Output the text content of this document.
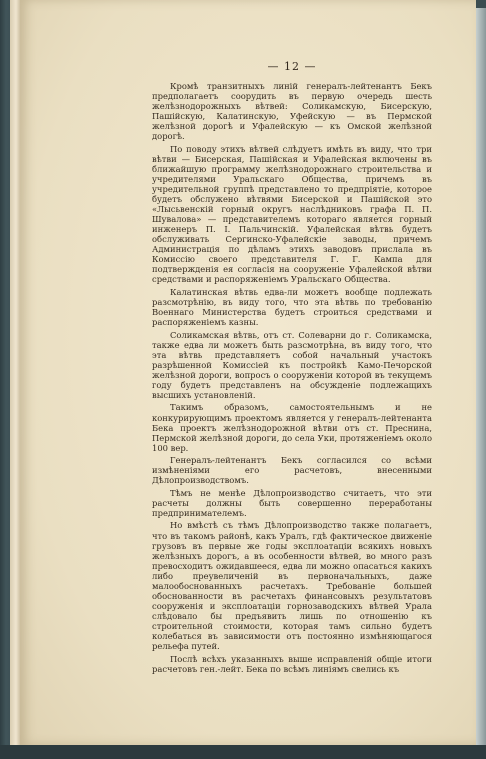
— 12 —

Кромѣ транзитныхъ линій генералъ-лейтенантъ Бекъ предполагаетъ соорудить въ первую очередь шесть желѣзнодорожныхъ вѣтвей: Соликамскую, Бисерскую, Пашійскую, Калатинскую, Уфейскую — въ Пермской желѣзной дорогѣ и Уфалейскую — къ Омской желѣзной дорогѣ.

По поводу этихъ вѣтвей слѣдуетъ имѣть въ виду, что три вѣтви — Бисерская, Пашійская и Уфалейская включены въ ближайшую программу желѣзнодорожнаго строительства и учредителями Уральскаго Общества, причемъ въ учредительной группѣ представлено то предпріятіе, которое будетъ обслужено вѣтвями Бисерской и Пашійской это «Лысьвенскій горный округъ наслѣдниковъ графа П. П. Шувалова» — представителемъ котораго является горный инженеръ П. І. Пальчинскій. Уфалейская вѣтвь будетъ обслуживать Сергинско-Уфалейскіе заводы, причемъ Администрація по дѣламъ этихъ заводовъ прислала въ Комиссію своего представителя Г. Г. Кампа для подтвержденія ея согласія на сооруженіе Уфалейской вѣтви средствами и распоряженіемъ Уральскаго Общества.

Калатинская вѣтвь едва-ли можетъ вообще подлежать разсмотрѣнію, въ виду того, что эта вѣтвь по требованію Военнаго Министерства будетъ строиться средствами и распоряженіемъ казны.

Соликамская вѣтвь, отъ ст. Солеварни до г. Соликамска, также едва ли можетъ быть разсмотрѣна, въ виду того, что эта вѣтвь представляетъ собой начальный участокъ разрѣшенной Комиссіей къ постройкѣ Камо-Печорской желѣзной дороги, вопросъ о сооруженіи которой въ текущемъ году будетъ представленъ на обсужденіе подлежащихъ высшихъ установленій.

Такимъ образомъ, самостоятельнымъ и не конкурирующимъ проектомъ является у генералъ-лейтенанта Бека проектъ желѣзнодорожной вѣтви отъ ст. Преснина, Пермской желѣзной дороги, до села Уки, протяженіемъ около 100 вер.

Генералъ-лейтенантъ Бекъ согласился со всѣми измѣненіями его расчетовъ, внесенными Дѣлопроизводствомъ.

Тѣмъ не менѣе Дѣлопроизводство считаетъ, что эти расчеты должны быть совершенно переработаны предпринимателемъ.

Но вмѣстѣ съ тѣмъ Дѣлопроизводство также полагаетъ, что въ такомъ районѣ, какъ Уралъ, гдѣ фактическое движеніе грузовъ въ первые же годы эксплоатаціи всякихъ новыхъ желѣзныхъ дорогъ, а въ особенности вѣтвей, во много разъ превосходитъ ожидавшееся, едва ли можно опасаться какихъ либо преувеличеній въ первоначальныхъ, даже малообоснованныхъ расчетахъ. Требованіе большей обоснованности въ расчетахъ финансовыхъ результатовъ сооруженія и эксплоатаціи горнозаводскихъ вѣтвей Урала слѣдовало бы предъявить лишь по отношенію къ строительной стоимости, которая тамъ сильно будетъ колебаться въ зависимости отъ постоянно измѣняющагося рельефа путей.

Послѣ всѣхъ указанныхъ выше исправленій общіе итоги расчетовъ ген.-лейт. Бека по всѣмъ линіямъ свелись къ
